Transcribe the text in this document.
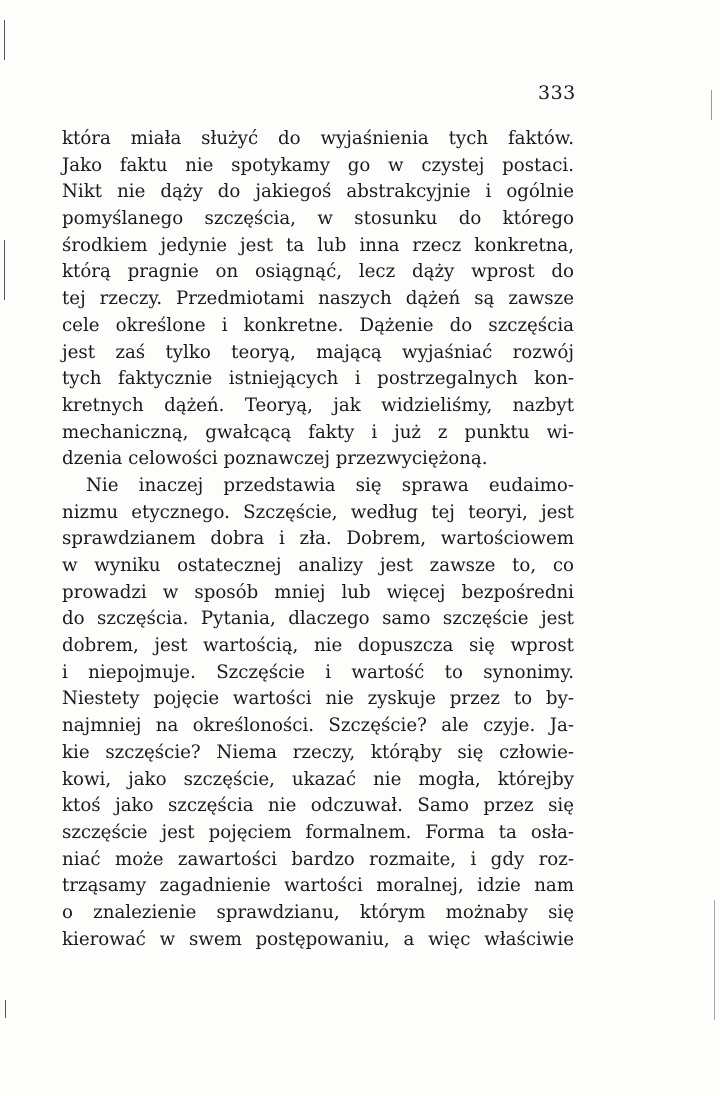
333
która miała służyć do wyjaśnienia tych faktów.
Jako faktu nie spotykamy go w czystej postaci.
Nikt nie dąży do jakiegoś abstrakcyjnie i ogólnie
pomyślanego szczęścia, w stosunku do którego
środkiem jedynie jest ta lub inna rzecz konkretna,
którą pragnie on osiągnąć, lecz dąży wprost do
tej rzeczy. Przedmiotami naszych dążeń są zawsze
cele określone i konkretne. Dążenie do szczęścia
jest zaś tylko teoryą, mającą wyjaśniać rozwój
tych faktycznie istniejących i postrzegalnych kon-
kretnych dążeń. Teoryą, jak widzieliśmy, nazbyt
mechaniczną, gwałcącą fakty i już z punktu wi-
dzenia celowości poznawczej przezwyciężoną.
Nie inaczej przedstawia się sprawa eudaimo-
nizmu etycznego. Szczęście, według tej teoryi, jest
sprawdzianem dobra i zła. Dobrem, wartościowem
w wyniku ostatecznej analizy jest zawsze to, co
prowadzi w sposób mniej lub więcej bezpośredni
do szczęścia. Pytania, dlaczego samo szczęście jest
dobrem, jest wartością, nie dopuszcza się wprost
i niepojmuje. Szczęście i wartość to synonimy.
Niestety pojęcie wartości nie zyskuje przez to by-
najmniej na określoności. Szczęście? ale czyje. Ja-
kie szczęście? Niema rzeczy, którąby się człowie-
kowi, jako szczęście, ukazać nie mogła, którejby
ktoś jako szczęścia nie odczuwał. Samo przez się
szczęście jest pojęciem formalnem. Forma ta osła-
niać może zawartości bardzo rozmaite, i gdy roz-
trząsamy zagadnienie wartości moralnej, idzie nam
o znalezienie sprawdzianu, którym możnaby się
kierować w swem postępowaniu, a więc właściwie
